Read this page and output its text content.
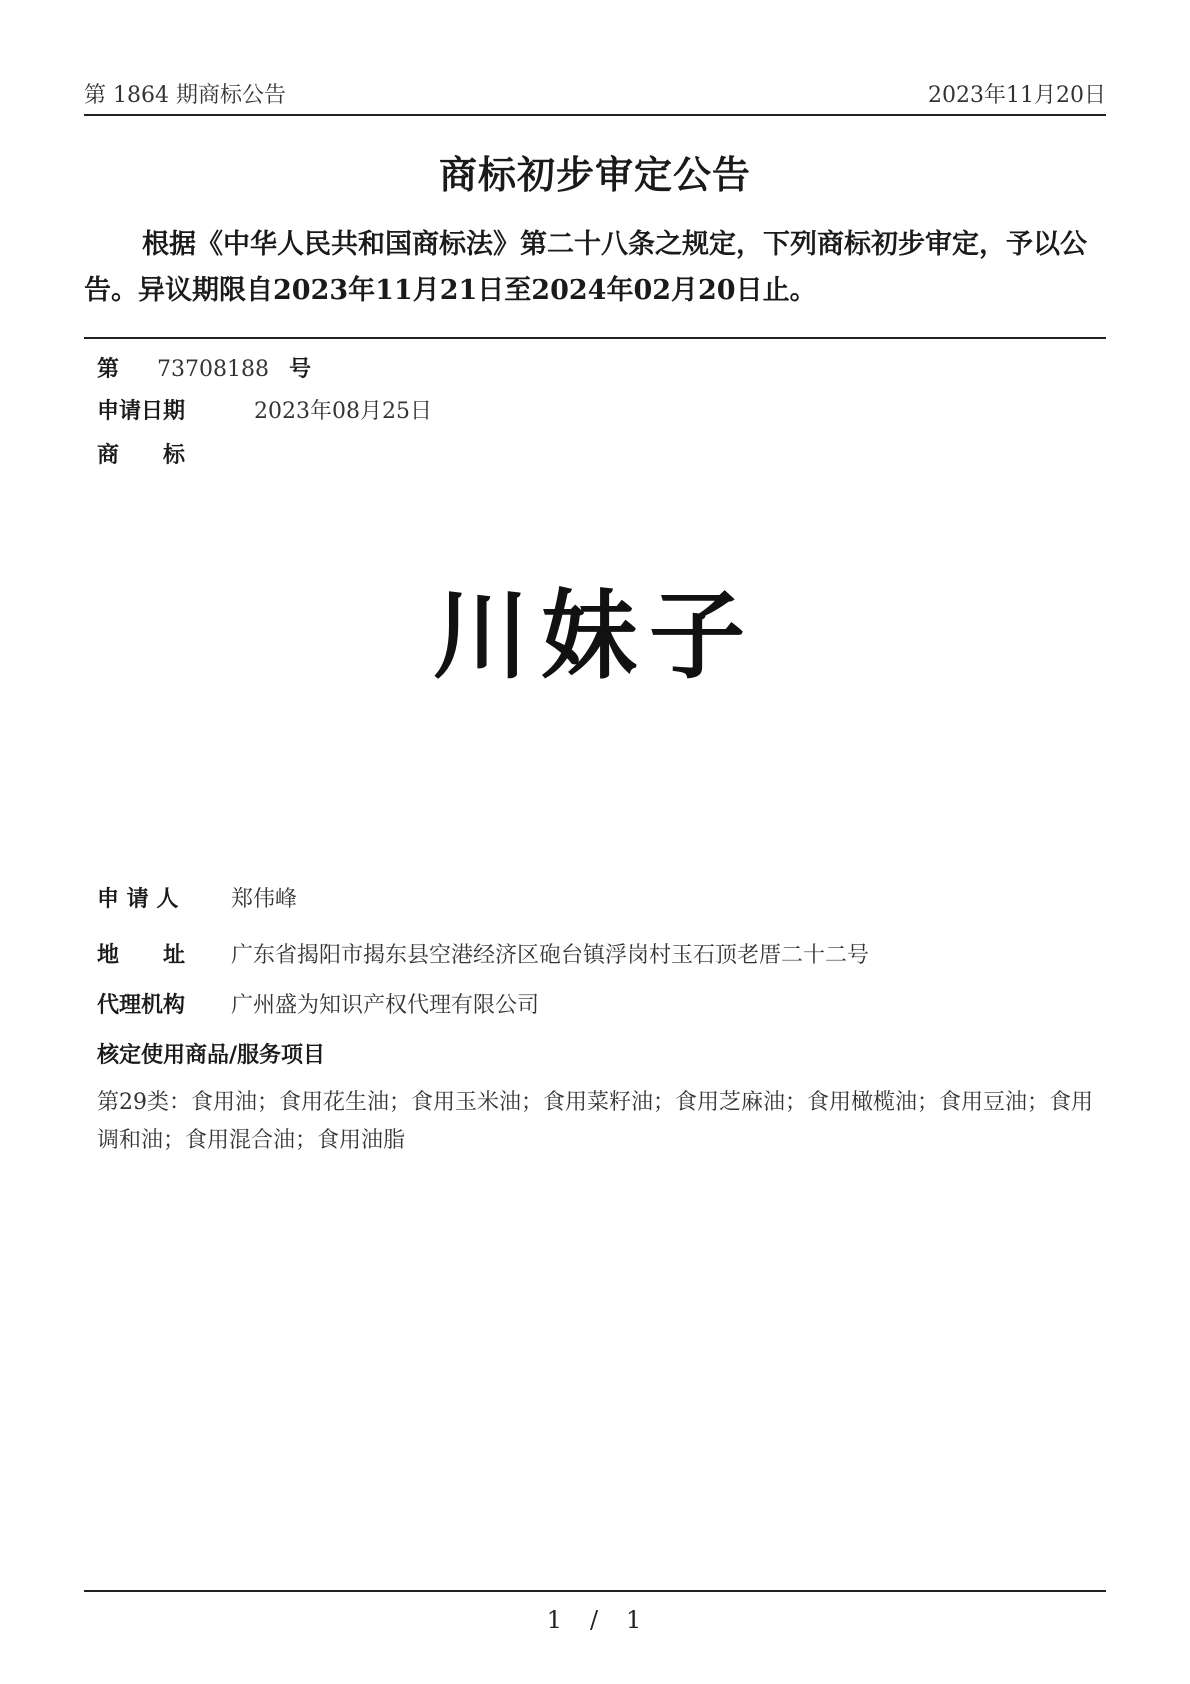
第 1864 期商标公告	2023年11月20日
商标初步审定公告
根据《中华人民共和国商标法》第二十八条之规定，下列商标初步审定，予以公告。异议期限自2023年11月21日至2024年02月20日止。
第 73708188 号
申请日期	2023年08月25日
商　　标
川妹子
申 请 人 郑伟峰
地　　址 广东省揭阳市揭东县空港经济区砲台镇浮岗村玉石顶老厝二十二号
代理机构 广州盛为知识产权代理有限公司
核定使用商品/服务项目
第29类：食用油；食用花生油；食用玉米油；食用菜籽油；食用芝麻油；食用橄榄油；食用豆油；食用调和油；食用混合油；食用油脂
1　/　1
